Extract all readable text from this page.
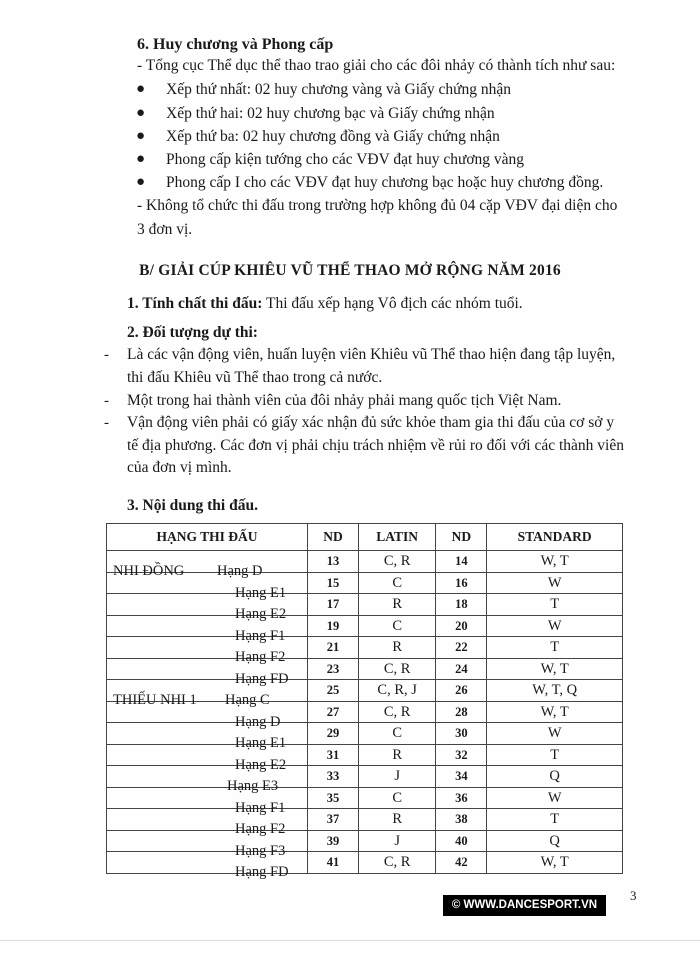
6. Huy chương và Phong cấp
- Tổng cục Thể dục thể thao trao giải cho các đôi nhảy có thành tích như sau:
● Xếp thứ nhất: 02 huy chương vàng và Giấy chứng nhận
● Xếp thứ hai: 02 huy chương bạc và Giấy chứng nhận
● Xếp thứ ba: 02 huy chương đồng và Giấy chứng nhận
● Phong cấp kiện tướng cho các VĐV đạt huy chương vàng
● Phong cấp I cho các VĐV đạt huy chương bạc hoặc huy chương đồng.
- Không tổ chức thi đấu trong trường hợp không đủ 04 cặp VĐV đại diện cho
3 đơn vị.
B/ GIẢI CÚP KHIÊU VŨ THỂ THAO MỞ RỘNG NĂM 2016
1. Tính chất thi đấu: Thi đấu xếp hạng Vô địch các nhóm tuổi.
2. Đối tượng dự thi:
- Là các vận động viên, huấn luyện viên Khiêu vũ Thể thao hiện đang tập luyện,
thi đấu Khiêu vũ Thể thao trong cả nước.
- Một trong hai thành viên của đôi nhảy phải mang quốc tịch Việt Nam.
- Vận động viên phải có giấy xác nhận đủ sức khỏe tham gia thi đấu của cơ sở y
tế địa phương. Các đơn vị phải chịu trách nhiệm về rủi ro đối với các thành viên
của đơn vị mình.
3. Nội dung thi đấu.
HẠNG THI ĐẤU	ND	LATIN	ND	STANDARD

NHI ĐỒNG Hạng D	13	C, R	14	W, T

Hạng E1	15	C	16	W

Hạng E2	17	R	18	T

Hạng F1	19	C	20	W

Hạng F2	21	R	22	T

Hạng FD	23	C, R	24	W, T

THIẾU NHI 1 Hạng C	25	C, R, J	26	W, T, Q

Hạng D	27	C, R	28	W, T

Hạng E1	29	C	30	W

Hạng E2	31	R	32	T

Hạng E3	33	J	34	Q

Hạng F1	35	C	36	W

Hạng F2	37	R	38	T

Hạng F3	39	J	40	Q

Hạng FD	41	C, R	42	W, T
© WWW.DANCESPORT.VN
3
